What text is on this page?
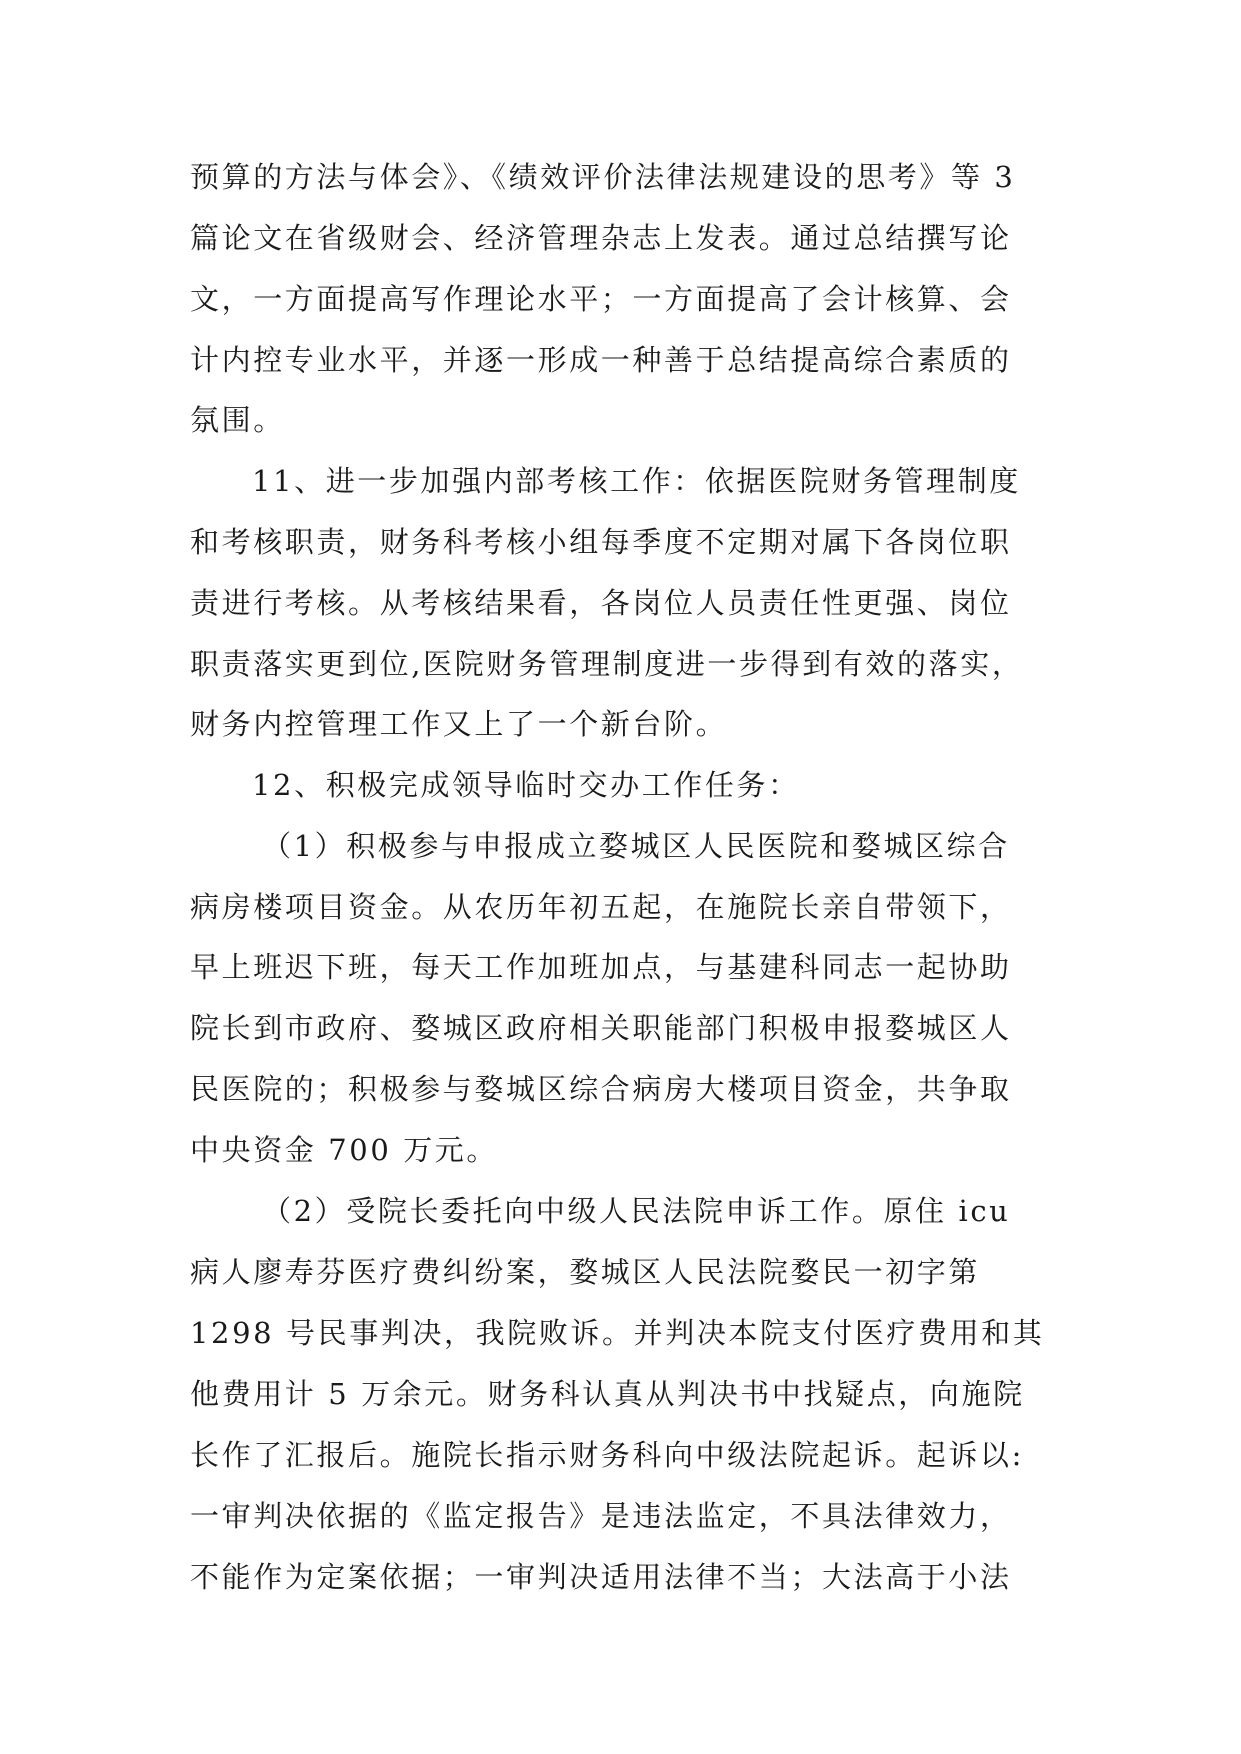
预算的方法与体会》、《绩效评价法律法规建设的思考》等 3
篇论文在省级财会、经济管理杂志上发表。通过总结撰写论
文，一方面提高写作理论水平；一方面提高了会计核算、会
计内控专业水平，并逐一形成一种善于总结提高综合素质的
氛围。
11、进一步加强内部考核工作：依据医院财务管理制度
和考核职责，财务科考核小组每季度不定期对属下各岗位职
责进行考核。从考核结果看，各岗位人员责任性更强、岗位
职责落实更到位,医院财务管理制度进一步得到有效的落实，
财务内控管理工作又上了一个新台阶。
12、积极完成领导临时交办工作任务：
（1）积极参与申报成立婺城区人民医院和婺城区综合
病房楼项目资金。从农历年初五起，在施院长亲自带领下，
早上班迟下班，每天工作加班加点，与基建科同志一起协助
院长到市政府、婺城区政府相关职能部门积极申报婺城区人
民医院的；积极参与婺城区综合病房大楼项目资金，共争取
中央资金 700 万元。
（2）受院长委托向中级人民法院申诉工作。原住 icu
病人廖寿芬医疗费纠纷案，婺城区人民法院婺民一初字第
1298 号民事判决，我院败诉。并判决本院支付医疗费用和其
他费用计 5 万余元。财务科认真从判决书中找疑点，向施院
长作了汇报后。施院长指示财务科向中级法院起诉。起诉以:
一审判决依据的《监定报告》是违法监定，不具法律效力，
不能作为定案依据；一审判决适用法律不当；大法高于小法
